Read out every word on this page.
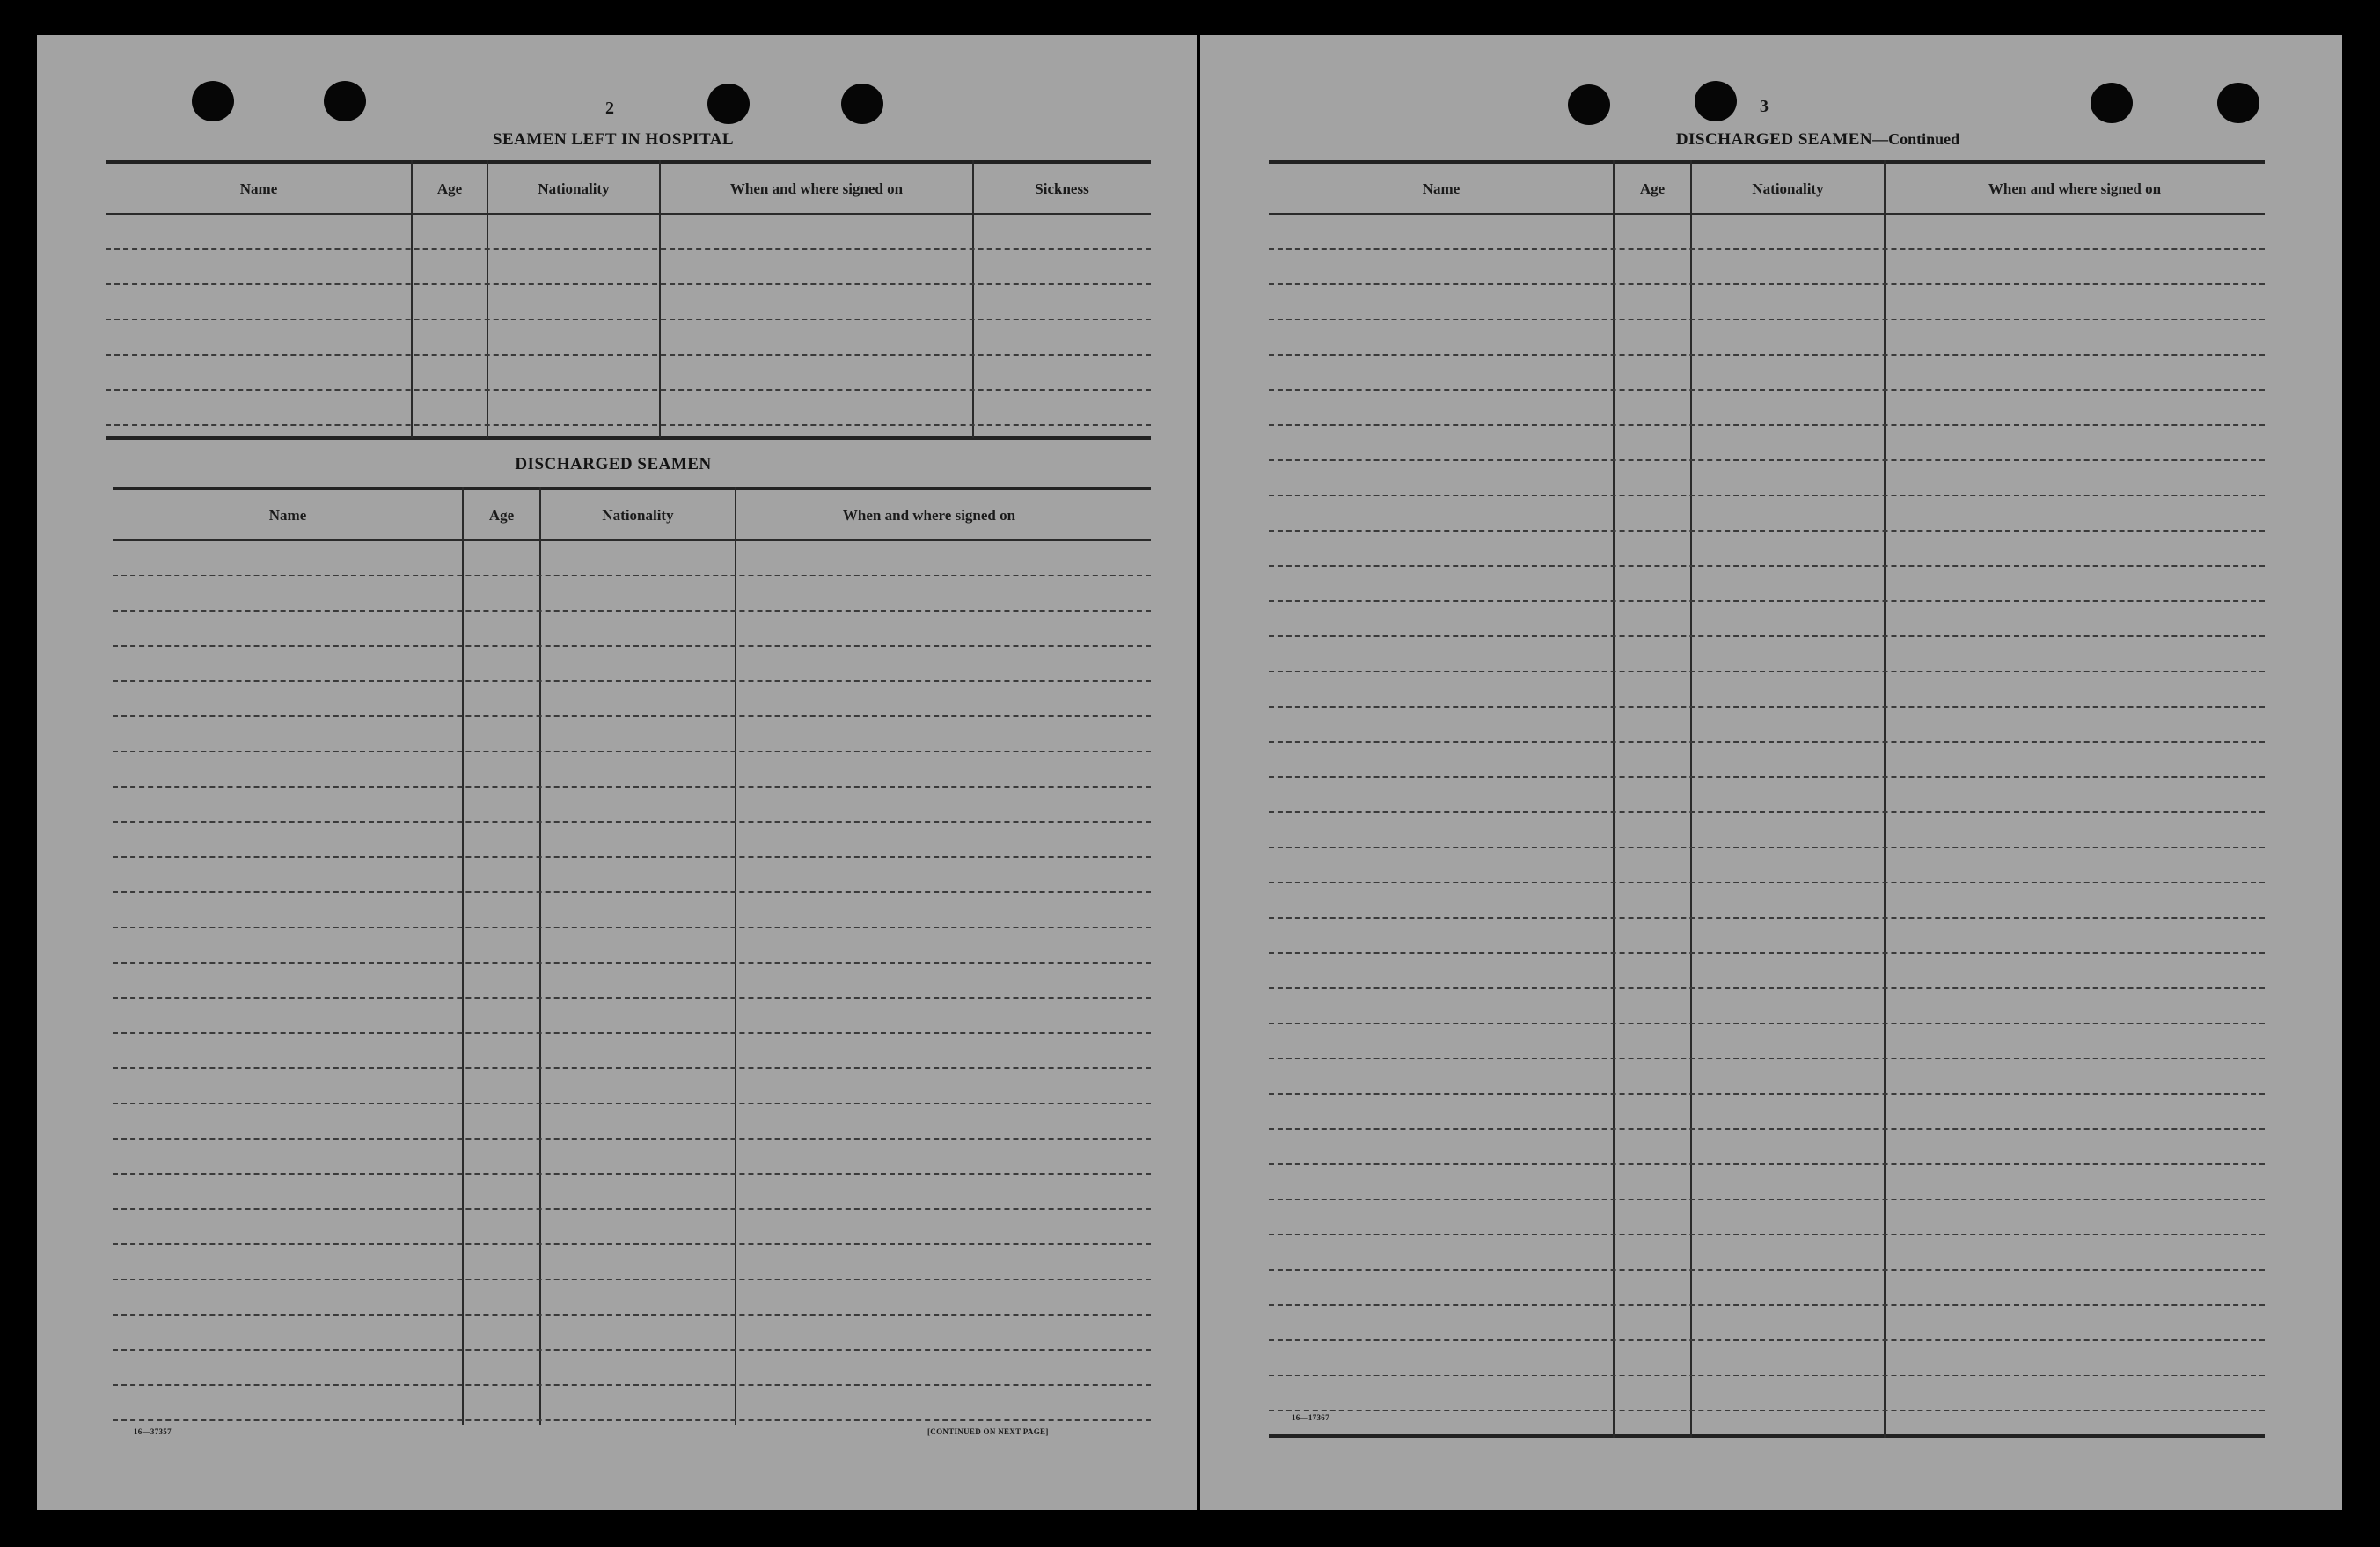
2
SEAMEN LEFT IN HOSPITAL
Name	Age	Nationality	When and where signed on	Sickness
DISCHARGED SEAMEN
Name	Age	Nationality	When and where signed on
16—37357	[CONTINUED ON NEXT PAGE]
3
DISCHARGED SEAMEN—Continued
Name	Age	Nationality	When and where signed on
16—17367
